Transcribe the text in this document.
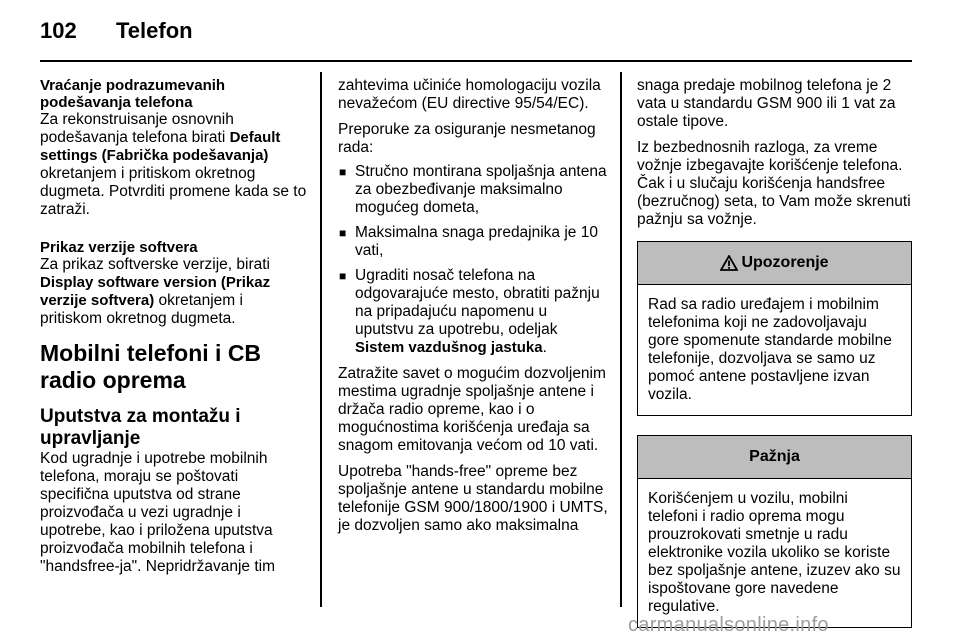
102 Telefon
Vraćanje podrazumevanih podešavanja telefona

Za rekonstruisanje osnovnih podešavanja telefona birati Default settings (Fabrička podešavanja) okretanjem i pritiskom okretnog dugmeta. Potvrditi promene kada se to zatraži.

Prikaz verzije softvera

Za prikaz softverske verzije, birati Display software version (Prikaz verzije softvera) okretanjem i pritiskom okretnog dugmeta.

Mobilni telefoni i CB radio oprema
Uputstva za montažu i upravljanje

Kod ugradnje i upotrebe mobilnih telefona, moraju se poštovati specifična uputstva od strane proizvođača u vezi ugradnje i upotrebe, kao i priložena uputstva proizvođača mobilnih telefona i "handsfree-ja". Nepridržavanje tim

zahtevima učiniće homologaciju vozila nevažećom (EU directive 95/54/EC).

Preporuke za osiguranje nesmetanog rada:

■ Stručno montirana spoljašnja antena za obezbeđivanje maksimalno mogućeg dometa,
■ Maksimalna snaga predajnika je 10 vati,
■ Ugraditi nosač telefona na odgovarajuće mesto, obratiti pažnju na pripadajuću napomenu u uputstvu za upotrebu, odeljak Sistem vazdušnog jastuka.

Zatražite savet o mogućim dozvoljenim mestima ugradnje spoljašnje antene i držača radio opreme, kao i o mogućnostima korišćenja uređaja sa snagom emitovanja većom od 10 vati.

Upotreba "hands-free" opreme bez spoljašnje antene u standardu mobilne telefonije GSM 900/1800/1900 i UMTS, je dozvoljen samo ako maksimalna

snaga predaje mobilnog telefona je 2 vata u standardu GSM 900 ili 1 vat za ostale tipove.

Iz bezbednosnih razloga, za vreme vožnje izbegavajte korišćenje telefona. Čak i u slučaju korišćenja handsfree (bezručnog) seta, to Vam može skrenuti pažnju sa vožnje.

Upozorenje
Rad sa radio uređajem i mobilnim telefonima koji ne zadovoljavaju gore spomenute standarde mobilne telefonije, dozvoljava se samo uz pomoć antene postavljene izvan vozila.
Pažnja
Korišćenjem u vozilu, mobilni telefoni i radio oprema mogu prouzrokovati smetnje u radu elektronike vozila ukoliko se koriste bez spoljašnje antene, izuzev ako su ispoštovane gore navedene regulative.
carmanualsonline.info
